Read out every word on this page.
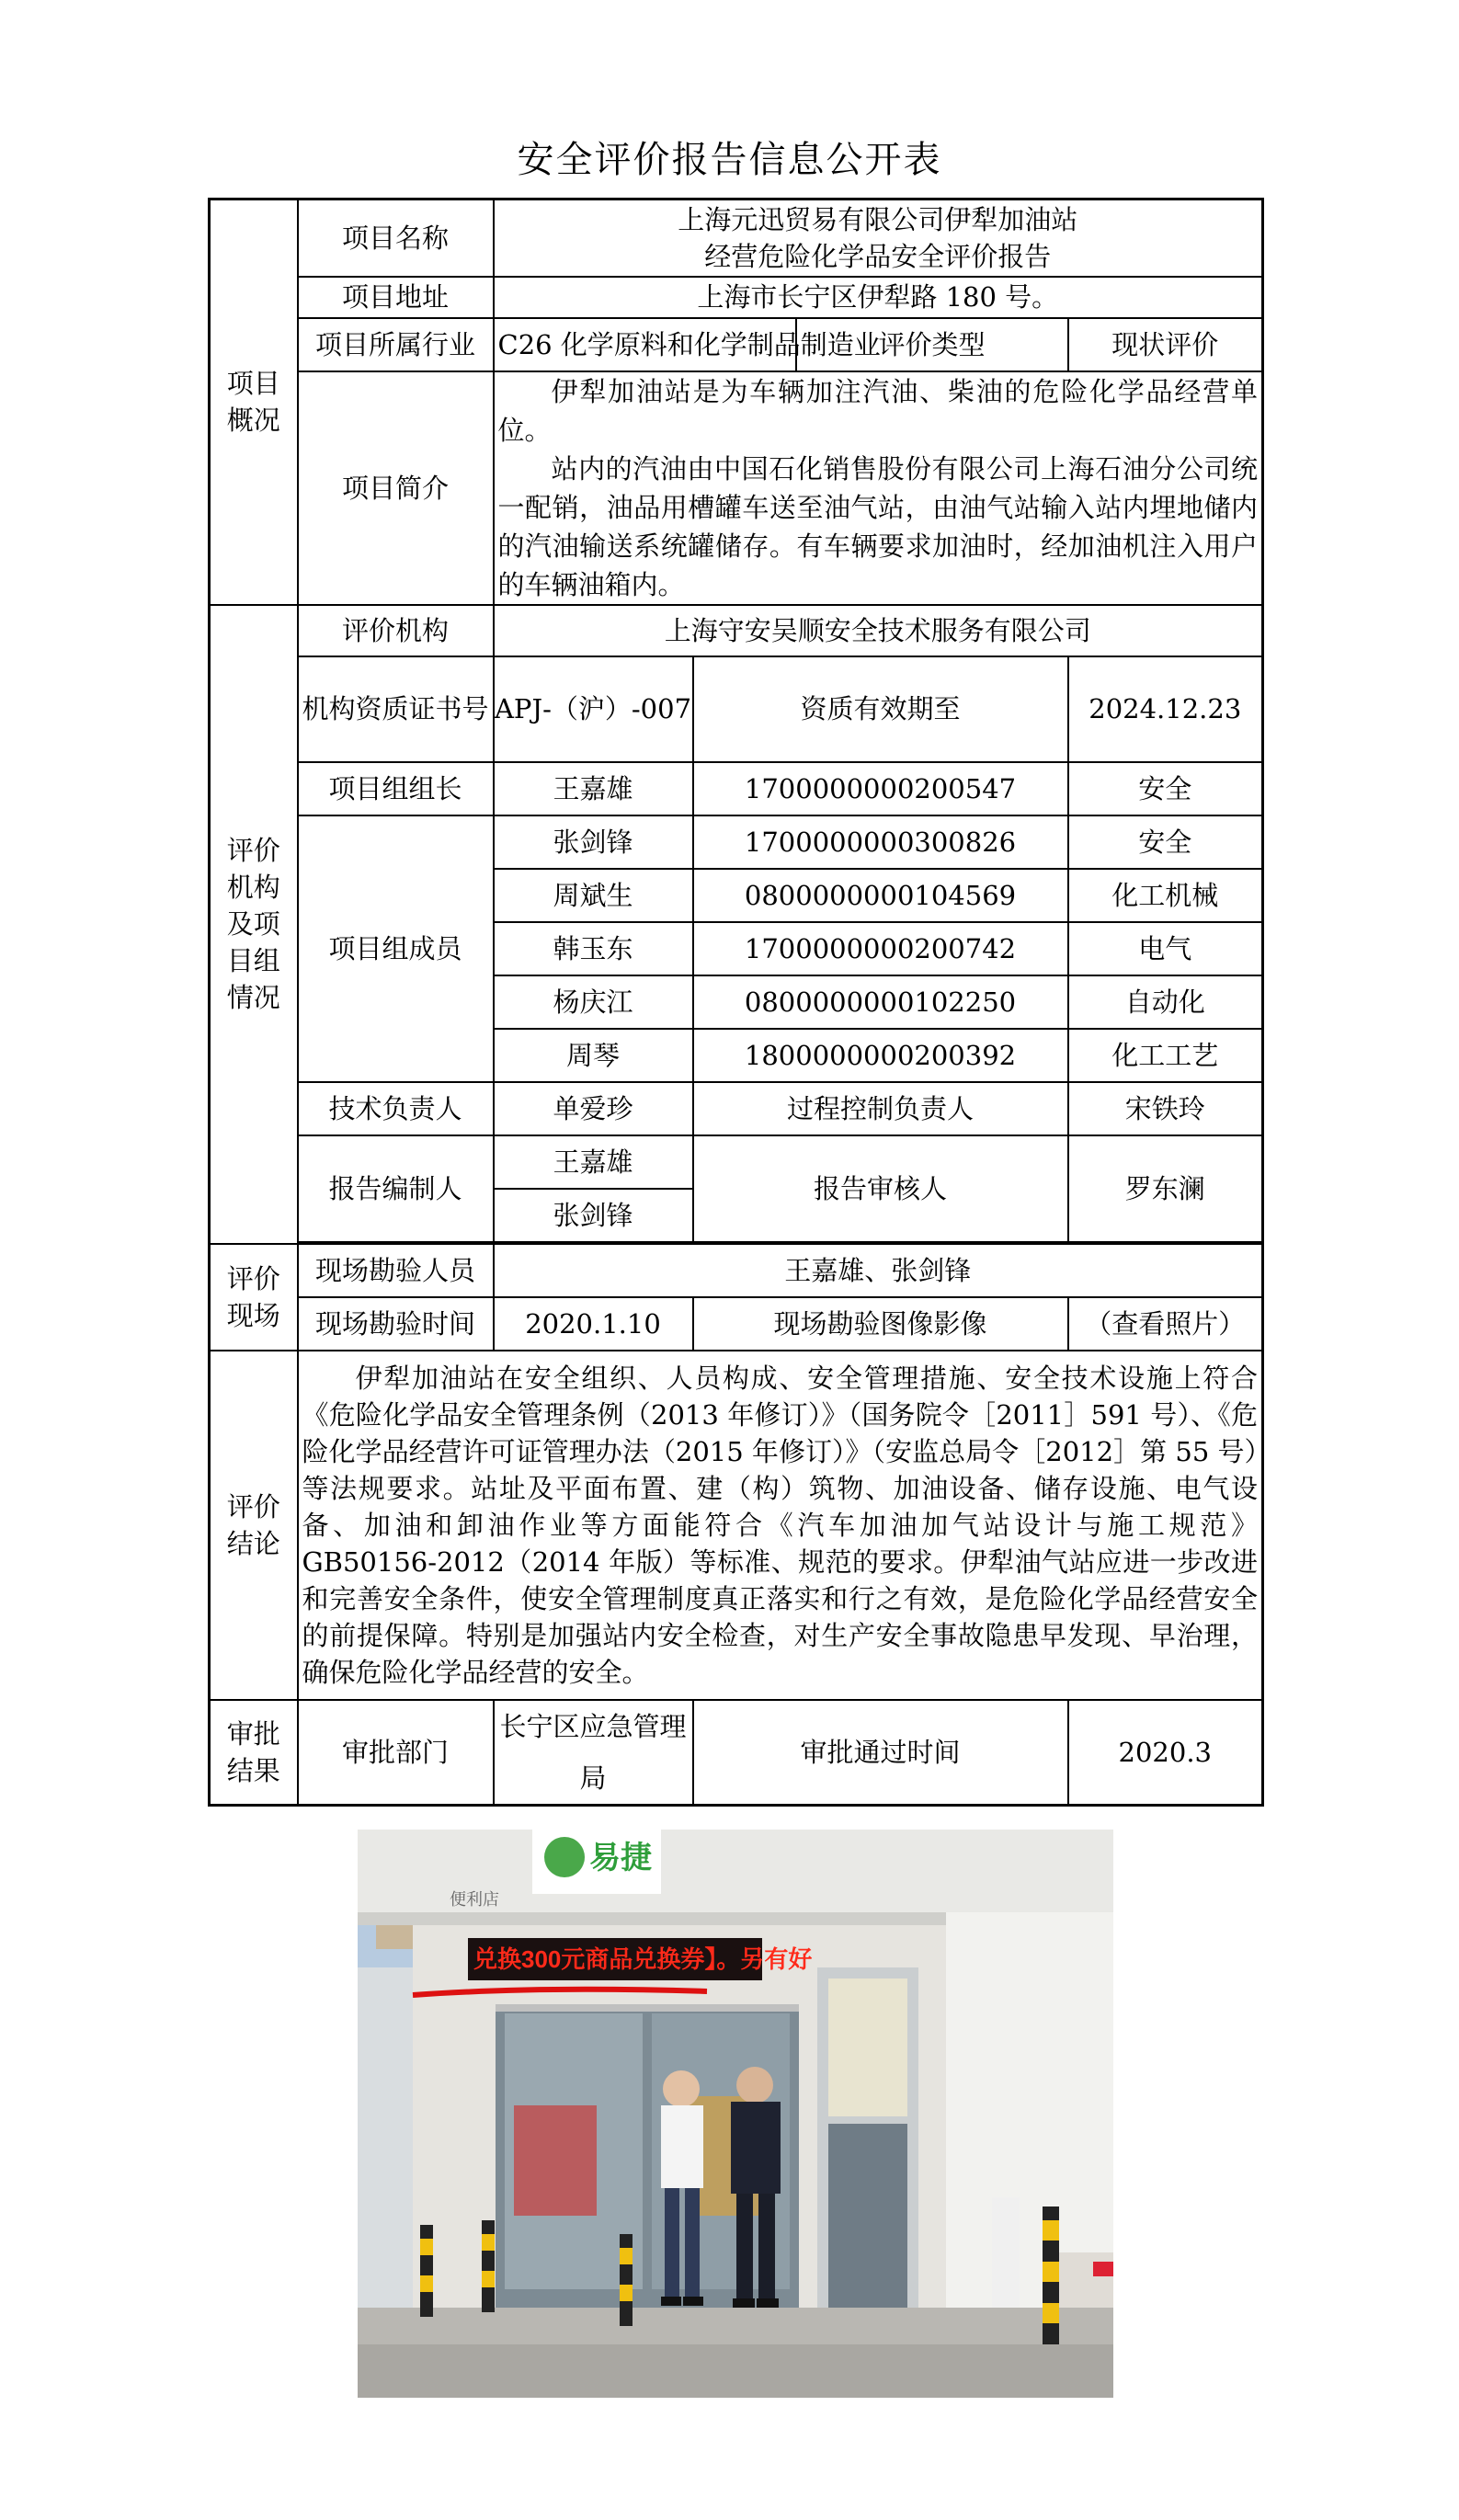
安全评价报告信息公开表
项目概况	项目名称	上海元迅贸易有限公司伊犁加油站
经营危险化学品安全评价报告			

	项目地址	上海市长宁区伊犁路 180 号。			
	项目所属行业	C26 化学原料和化学制品制造业		评价类型	现状评价
	项目简介	伊犁加油站是为车辆加注汽油、柴油的危险化学品经营单位。

站内的汽油由中国石化销售股份有限公司上海石油分公司统一配销，油品用槽罐车送至油气站，由油气站输入站内埋地储内的汽油输送系统罐储存。有车辆要求加油时，经加油机注入用户的车辆油箱内。			

评价机构及项目组情况	评价机构	上海守安吴顺安全技术服务有限公司			
	机构资质证书号	APJ-（沪）-007	资质有效期至		2024.12.23
	项目组组长	王嘉雄	1700000000200547		安全
	项目组成员	张剑锋	1700000000300826		安全
		周斌生	0800000000104569		化工机械
		韩玉东	1700000000200742		电气
		杨庆江	0800000000102250		自动化
		周琴	1800000000200392		化工工艺
	技术负责人	单爱珍	过程控制负责人		宋铁玲
	报告编制人	王嘉雄	报告审核人		罗东澜
		张剑锋			

评价现场	现场勘验人员	王嘉雄、张剑锋			
	现场勘验时间	2020.1.10	现场勘验图像影像		（查看照片）
评价结论	伊犁加油站在安全组织、人员构成、安全管理措施、安全技术设施上符合《危险化学品安全管理条例（2013 年修订）》（国务院令［2011］591 号）、《危险化学品经营许可证管理办法（2015 年修订）》（安监总局令［2012］第 55 号）等法规要求。站址及平面布置、建（构）筑物、加油设备、储存设施、电气设备、加油和卸油作业等方面能符合《汽车加油加气站设计与施工规范》GB50156-2012（2014 年版）等标准、规范的要求。伊犁油气站应进一步改进和完善安全条件，使安全管理制度真正落实和行之有效，是危险化学品经营安全的前提保障。特别是加强站内安全检查，对生产安全事故隐患早发现、早治理，确保危险化学品经营的安全。				
审批结果	审批部门	长宁区应急管理局	审批通过时间		2020.3
易捷
便利店
兑换300元商品兑换券】。另有好
